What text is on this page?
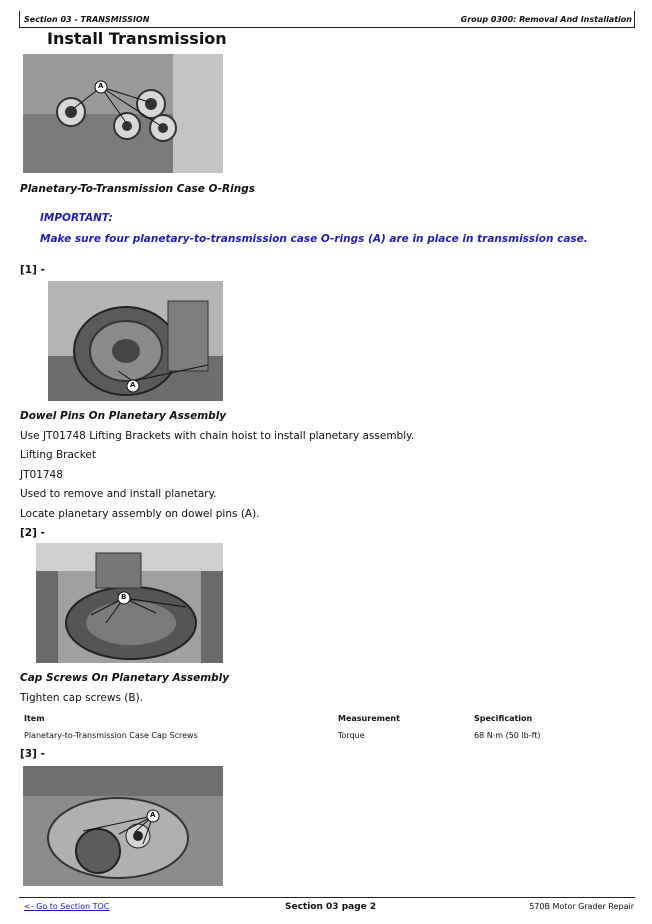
Section 03 - TRANSMISSION	Group 0300: Removal And Installation
Install Transmission
A
Planetary-To-Transmission Case O-Rings
IMPORTANT:
Make sure four planetary-to-transmission case O-rings (A) are in place in transmission case.
[1] -
A
Dowel Pins On Planetary Assembly
Use JT01748 Lifting Brackets with chain hoist to install planetary assembly.
Lifting Bracket
JT01748
Used to remove and install planetary.
Locate planetary assembly on dowel pins (A).
[2] -
B
Cap Screws On Planetary Assembly
Tighten cap screws (B).
Item	Measurement	Specification
Planetary-to-Transmission Case Cap Screws	Torque	68 N·m (50 lb-ft)
[3] -
A
<- Go to Section TOC	Section 03 page 2	570B Motor Grader Repair
